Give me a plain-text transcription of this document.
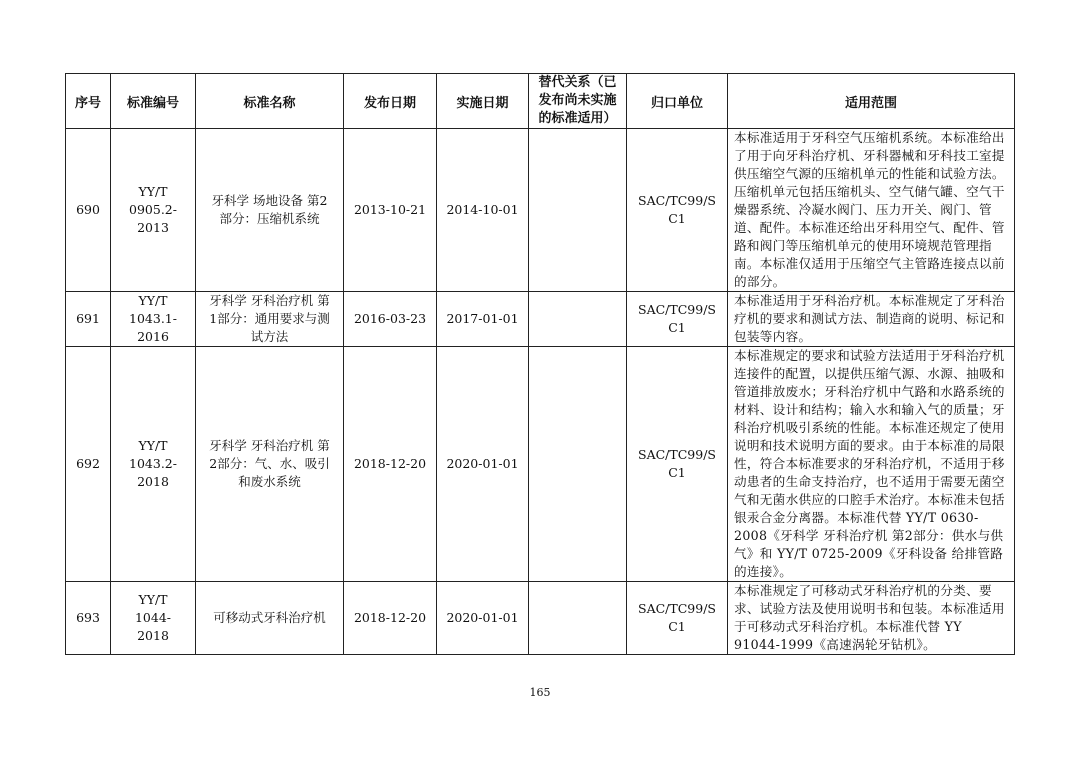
序号	标准编号	标准名称	发布日期	实施日期	替代关系（已发布尚未实施的标准适用）	归口单位	适用范围
690	YY/T 0905.2-2013	牙科学 场地设备 第2部分：压缩机系统	2013-10-21	2014-10-01		SAC/TC99/SC1	本标准适用于牙科空气压缩机系统。本标准给出了用于向牙科治疗机、牙科器械和牙科技工室提供压缩空气源的压缩机单元的性能和试验方法。压缩机单元包括压缩机头、空气储气罐、空气干燥器系统、冷凝水阀门、压力开关、阀门、管道、配件。本标准还给出牙科用空气、配件、管路和阀门等压缩机单元的使用环境规范管理指南。本标准仅适用于压缩空气主管路连接点以前的部分。
691	YY/T 1043.1-2016	牙科学 牙科治疗机 第1部分：通用要求与测试方法	2016-03-23	2017-01-01		SAC/TC99/SC1	本标准适用于牙科治疗机。本标准规定了牙科治疗机的要求和测试方法、制造商的说明、标记和包装等内容。
692	YY/T 1043.2-2018	牙科学 牙科治疗机 第2部分：气、水、吸引和废水系统	2018-12-20	2020-01-01		SAC/TC99/SC1	本标准规定的要求和试验方法适用于牙科治疗机连接件的配置，以提供压缩气源、水源、抽吸和管道排放废水；牙科治疗机中气路和水路系统的材料、设计和结构；输入水和输入气的质量；牙科治疗机吸引系统的性能。本标准还规定了使用说明和技术说明方面的要求。由于本标准的局限性，符合本标准要求的牙科治疗机，不适用于移动患者的生命支持治疗，也不适用于需要无菌空气和无菌水供应的口腔手术治疗。本标准未包括银汞合金分离器。本标准代替 YY/T 0630-2008《牙科学 牙科治疗机 第2部分：供水与供气》和 YY/T 0725-2009《牙科设备 给排管路的连接》。
693	YY/T 1044-2018	可移动式牙科治疗机	2018-12-20	2020-01-01		SAC/TC99/SC1	本标准规定了可移动式牙科治疗机的分类、要求、试验方法及使用说明书和包装。本标准适用于可移动式牙科治疗机。本标准代替 YY 91044-1999《高速涡轮牙钻机》。
165
